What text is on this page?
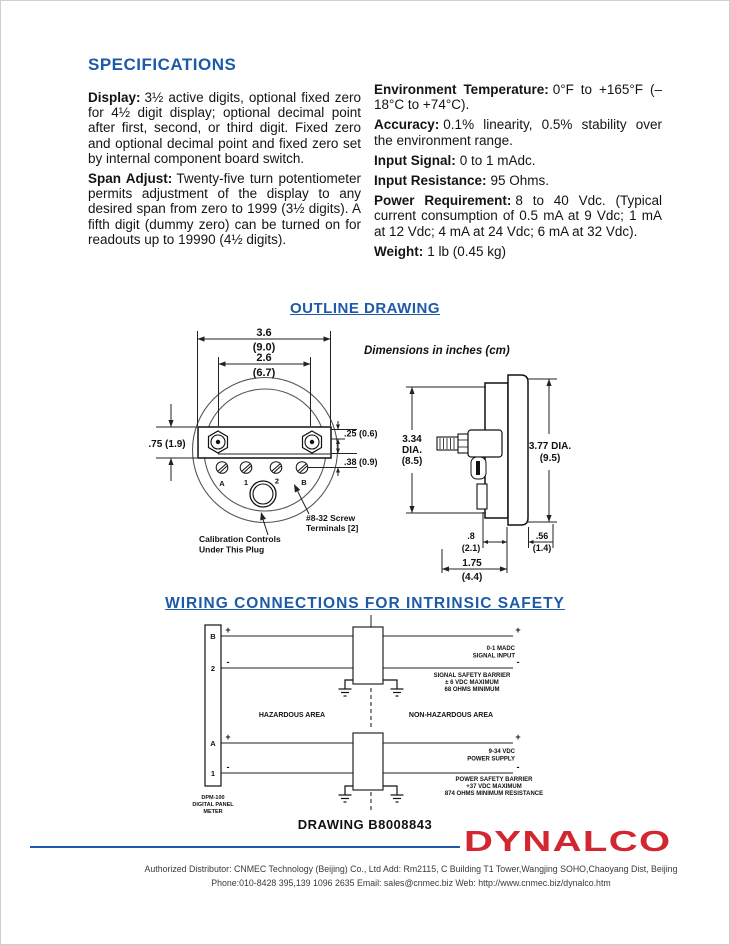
SPECIFICATIONS

Display: 3½ active digits, optional fixed zero for 4½ digit display; optional decimal point after first, second, or third digit. Fixed zero and optional decimal point and fixed zero set by internal component board switch.

Span Adjust: Twenty-five turn potentiometer permits adjustment of the display to any desired span from zero to 1999 (3½ digits). A fifth digit (dummy zero) can be turned on for readouts up to 19990 (4½ digits).

Environment Temperature: 0°F to +165°F (–18°C to +74°C).

Accuracy: 0.1% linearity, 0.5% stability over the environment range.

Input Signal: 0 to 1 mAdc.

Input Resistance: 95 Ohms.

Power Requirement: 8 to 40 Vdc. (Typical current consumption of 0.5 mA at 9 Vdc; 1 mA at 12 Vdc; 4 mA at 24 Vdc; 6 mA at 32 Vdc).

Weight: 1 lb (0.45 kg)

OUTLINE DRAWING
Dimensions in inches (cm)
3.6
(9.0)
2.6
(6.7)
.75 (1.9)
.25 (0.6)
.38 (0.9)
A	1	2	B
#8-32 Screw
Terminals [2]
Calibration Controls
Under This Plug
3.34
DIA.
(8.5)
3.77 DIA.
(9.5)
.8
(2.1)
.56
(1.4)
1.75
(4.4)
WIRING CONNECTIONS FOR INTRINSIC SAFETY
B
2
A
1
+
-
+
-
+
-
+
-
HAZARDOUS AREA	NON-HAZARDOUS AREA
0-1 MADC
SIGNAL INPUT
SIGNAL SAFETY BARRIER
± 6 VDC MAXIMUM
68 OHMS MINIMUM
9-34 VDC
POWER SUPPLY
POWER SAFETY BARRIER
+37 VDC MAXIMUM
874 OHMS MINIMUM RESISTANCE
DPM-100
DIGITAL PANEL
METER
DRAWING B8008843
DYNALCO
Authorized Distributor: CNMEC Technology (Beijing) Co., Ltd Add: Rm2115, C Building T1 Tower,Wangjing SOHO,Chaoyang Dist, Beijing
Phone:010-8428 395,139 1096 2635 Email: sales@cnmec.biz Web: http://www.cnmec.biz/dynalco.htm
